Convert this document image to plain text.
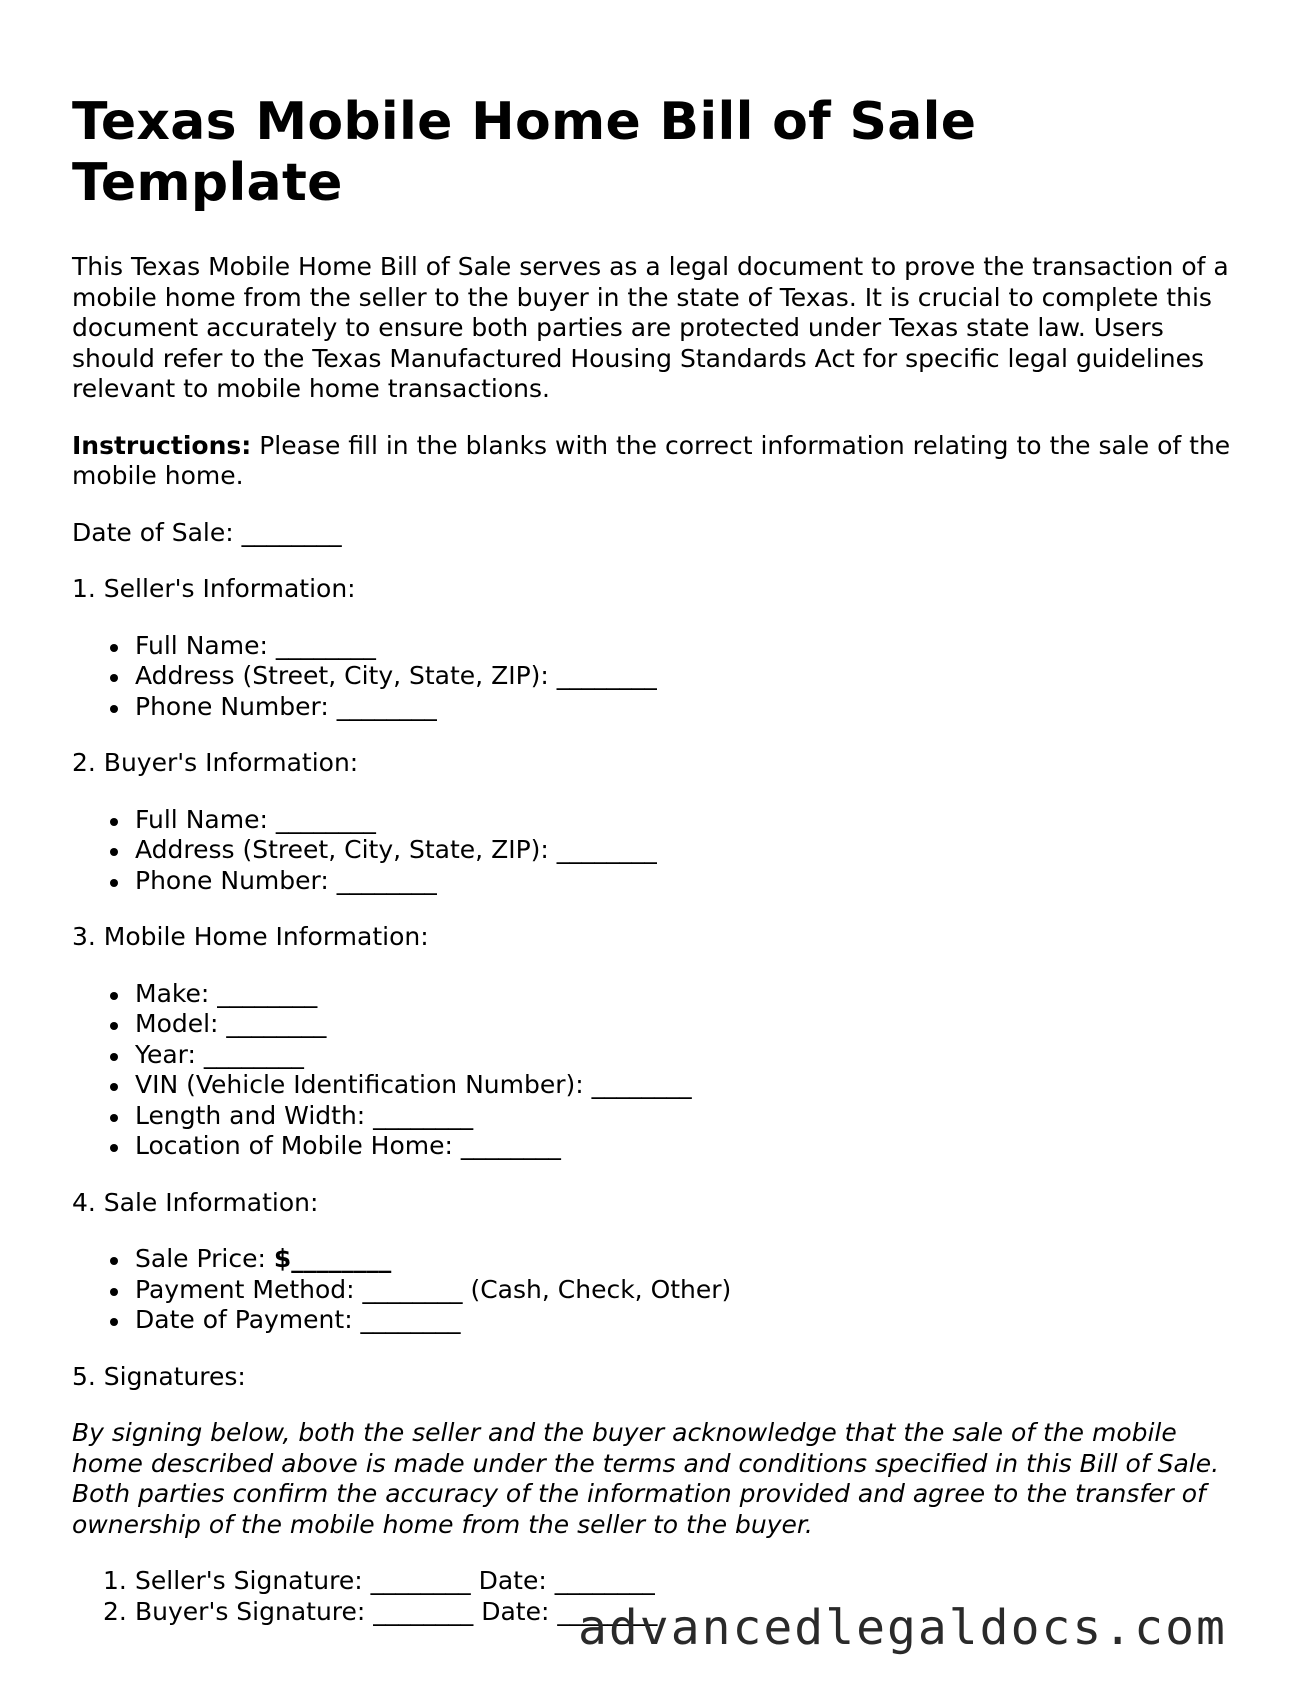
Texas Mobile Home Bill of Sale Template

This Texas Mobile Home Bill of Sale serves as a legal document to prove the transaction of a mobile home from the seller to the buyer in the state of Texas. It is crucial to complete this document accurately to ensure both parties are protected under Texas state law. Users should refer to the Texas Manufactured Housing Standards Act for specific legal guidelines relevant to mobile home transactions.

Instructions: Please fill in the blanks with the correct information relating to the sale of the mobile home.

Date of Sale: ________

1. Seller's Information:

Full Name: ________
Address (Street, City, State, ZIP): ________
Phone Number: ________

2. Buyer's Information:

Full Name: ________
Address (Street, City, State, ZIP): ________
Phone Number: ________

3. Mobile Home Information:

Make: ________
Model: ________
Year: ________
VIN (Vehicle Identification Number): ________
Length and Width: ________
Location of Mobile Home: ________

4. Sale Information:

Sale Price: $________
Payment Method: ________ (Cash, Check, Other)
Date of Payment: ________

5. Signatures:

By signing below, both the seller and the buyer acknowledge that the sale of the mobile home described above is made under the terms and conditions specified in this Bill of Sale. Both parties confirm the accuracy of the information provided and agree to the transfer of ownership of the mobile home from the seller to the buyer.

1. Seller's Signature: ________ Date: ________
2. Buyer's Signature: ________ Date: ________
advancedlegaldocs.com
